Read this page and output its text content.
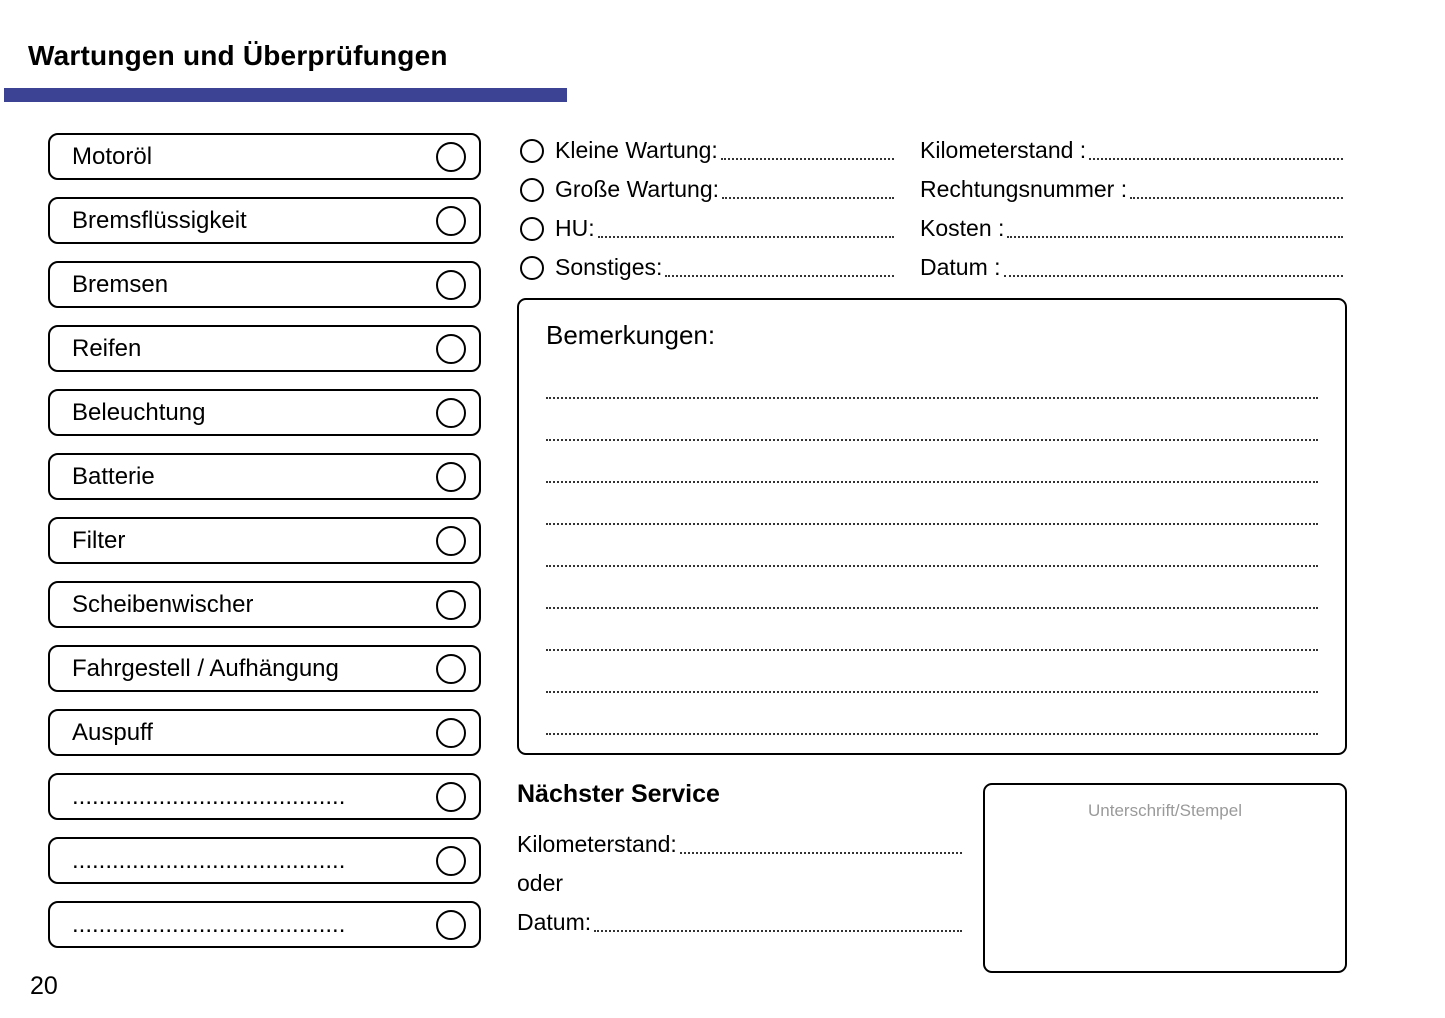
Wartungen und Überprüfungen
Motoröl
Bremsflüssigkeit
Bremsen
Reifen
Beleuchtung
Batterie
Filter
Scheibenwischer
Fahrgestell / Aufhängung
Auspuff
.........................................
.........................................
.........................................
Kleine Wartung:
Große Wartung:
HU:
Sonstiges:
Kilometerstand :
Rechtungsnummer :
Kosten :
Datum :
Bemerkungen:
Nächster Service
Kilometerstand:
oder
Datum:
Unterschrift/Stempel
20
